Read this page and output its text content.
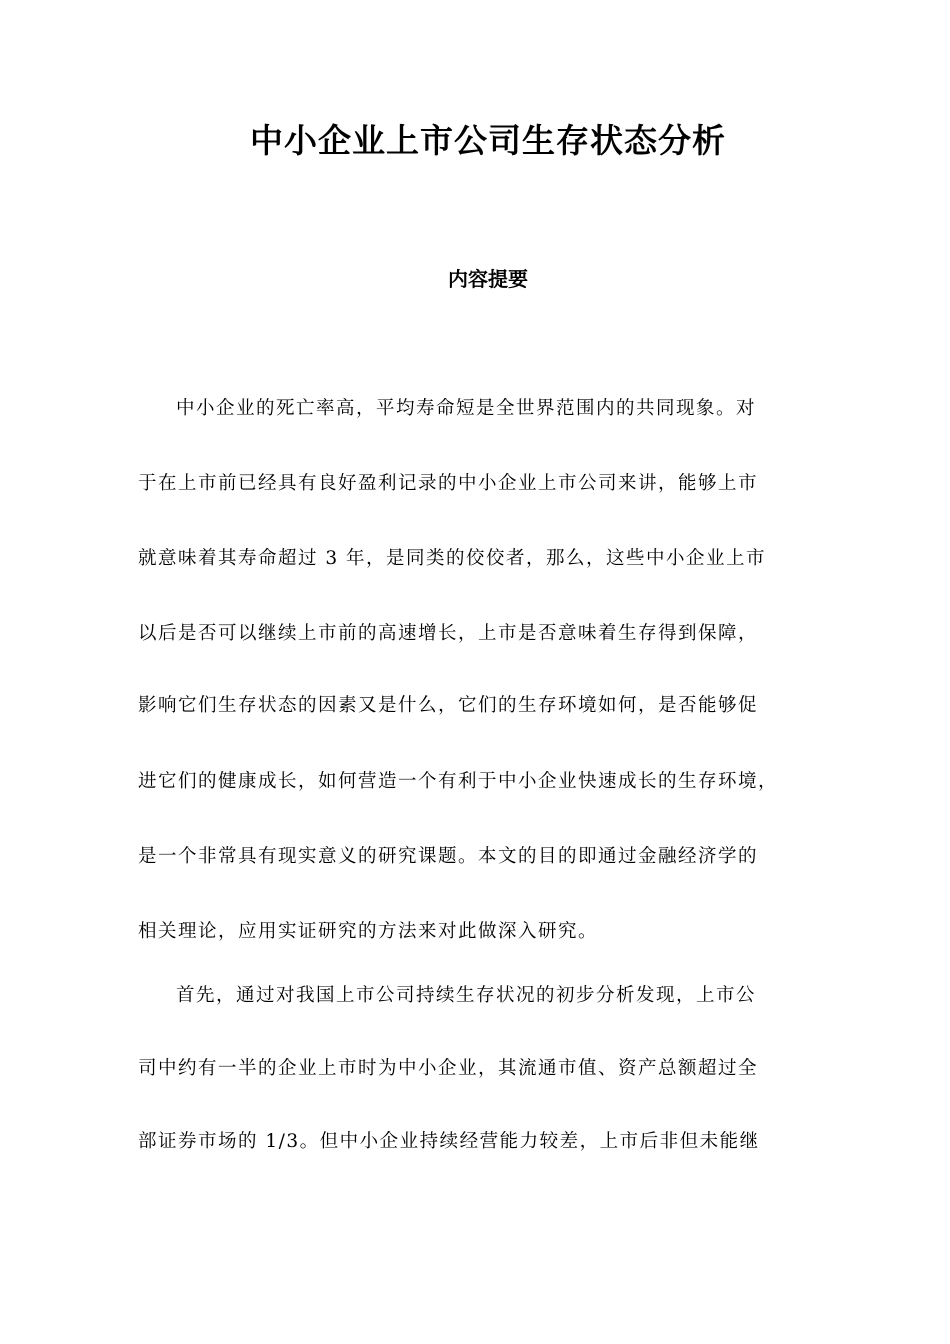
中小企业上市公司生存状态分析
内容提要
中小企业的死亡率高，平均寿命短是全世界范围内的共同现象。对
于在上市前已经具有良好盈利记录的中小企业上市公司来讲，能够上市
就意味着其寿命超过 3 年，是同类的佼佼者，那么，这些中小企业上市
以后是否可以继续上市前的高速增长，上市是否意味着生存得到保障，
影响它们生存状态的因素又是什么，它们的生存环境如何，是否能够促
进它们的健康成长，如何营造一个有利于中小企业快速成长的生存环境，
是一个非常具有现实意义的研究课题。本文的目的即通过金融经济学的
相关理论，应用实证研究的方法来对此做深入研究。
首先，通过对我国上市公司持续生存状况的初步分析发现，上市公
司中约有一半的企业上市时为中小企业，其流通市值、资产总额超过全
部证券市场的 1/3。但中小企业持续经营能力较差，上市后非但未能继
